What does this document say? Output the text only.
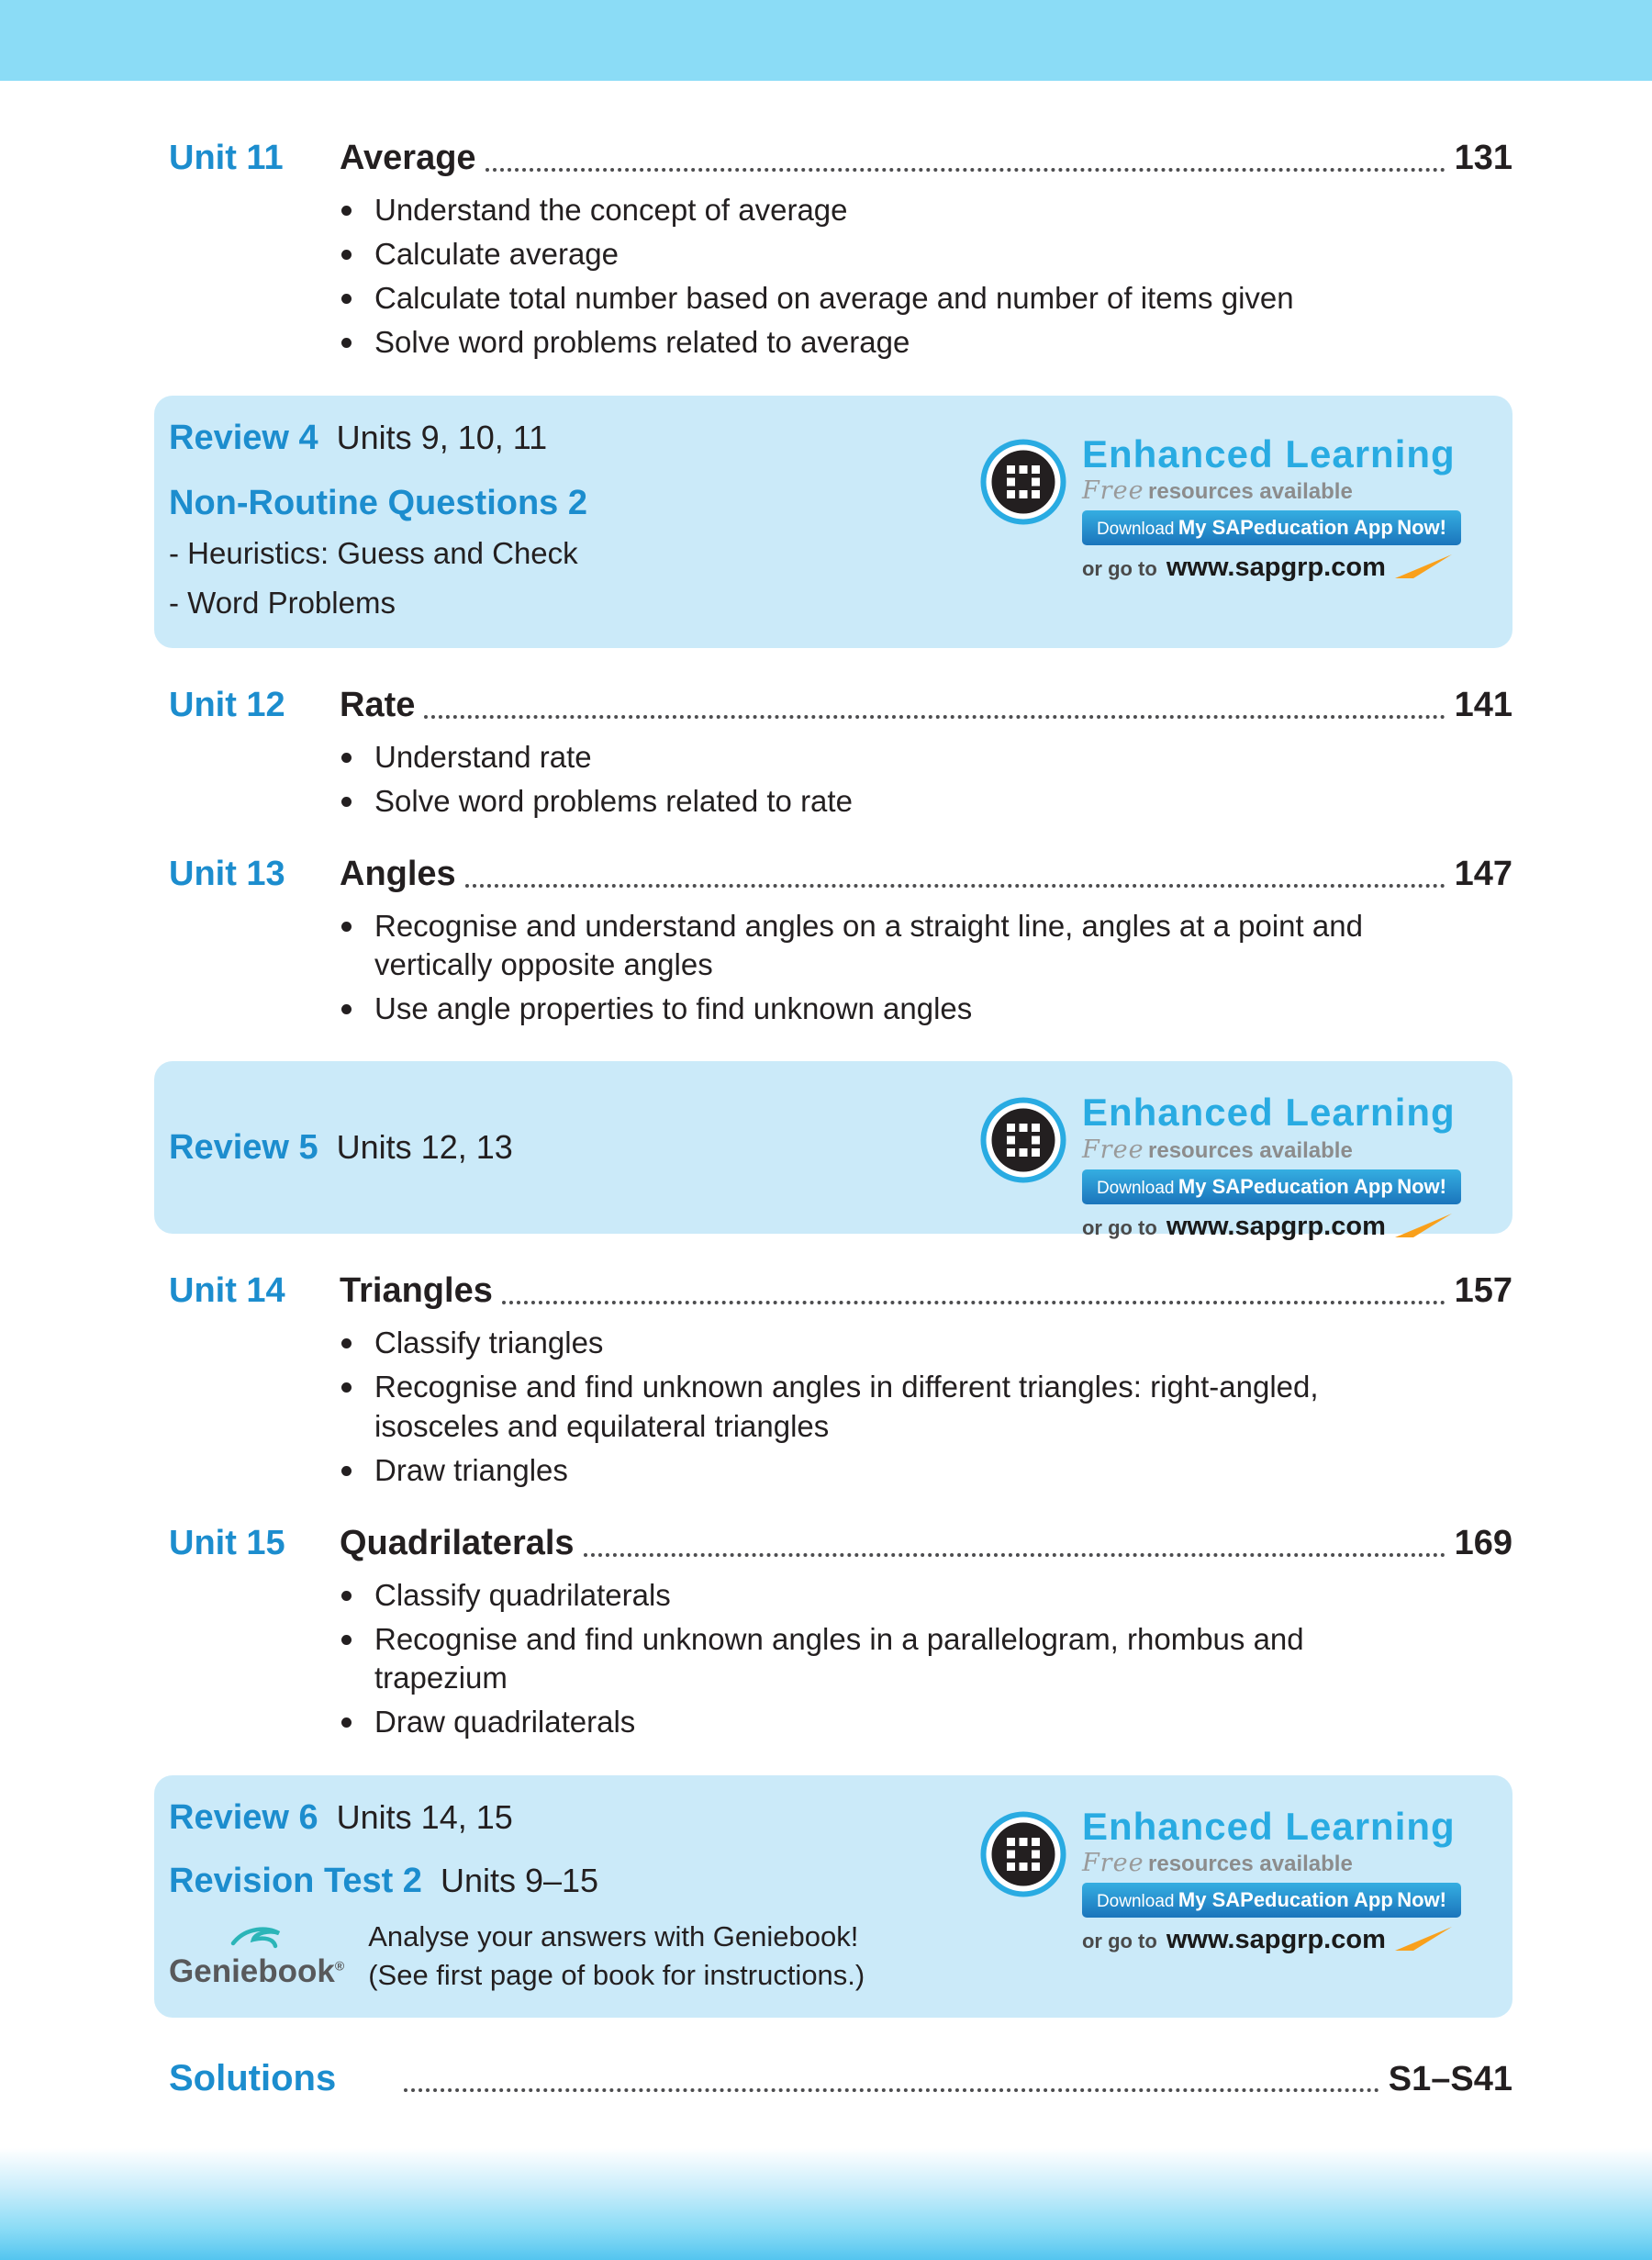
Unit 11	Average	131
Understand the concept of average
Calculate average
Calculate total number based on average and number of items given
Solve word problems related to average
Review 4 Units 9, 10, 11
Non-Routine Questions 2
- Heuristics: Guess and Check
- Word Problems
Enhanced Learning
Free resources available
Download My SAPeducation App Now!
or go to www.sapgrp.com
Unit 12	Rate	141
Understand rate
Solve word problems related to rate
Unit 13	Angles	147
Recognise and understand angles on a straight line, angles at a point and vertically opposite angles
Use angle properties to find unknown angles
Review 5 Units 12, 13
Enhanced Learning
Free resources available
Download My SAPeducation App Now!
or go to www.sapgrp.com
Unit 14	Triangles	157
Classify triangles
Recognise and find unknown angles in different triangles: right-angled, isosceles and equilateral triangles
Draw triangles
Unit 15	Quadrilaterals	169
Classify quadrilaterals
Recognise and find unknown angles in a parallelogram, rhombus and trapezium
Draw quadrilaterals
Review 6 Units 14, 15
Revision Test 2 Units 9–15
Geniebook®
Analyse your answers with Geniebook!
(See first page of book for instructions.)
Enhanced Learning
Free resources available
Download My SAPeducation App Now!
or go to www.sapgrp.com
Solutions	S1–S41
